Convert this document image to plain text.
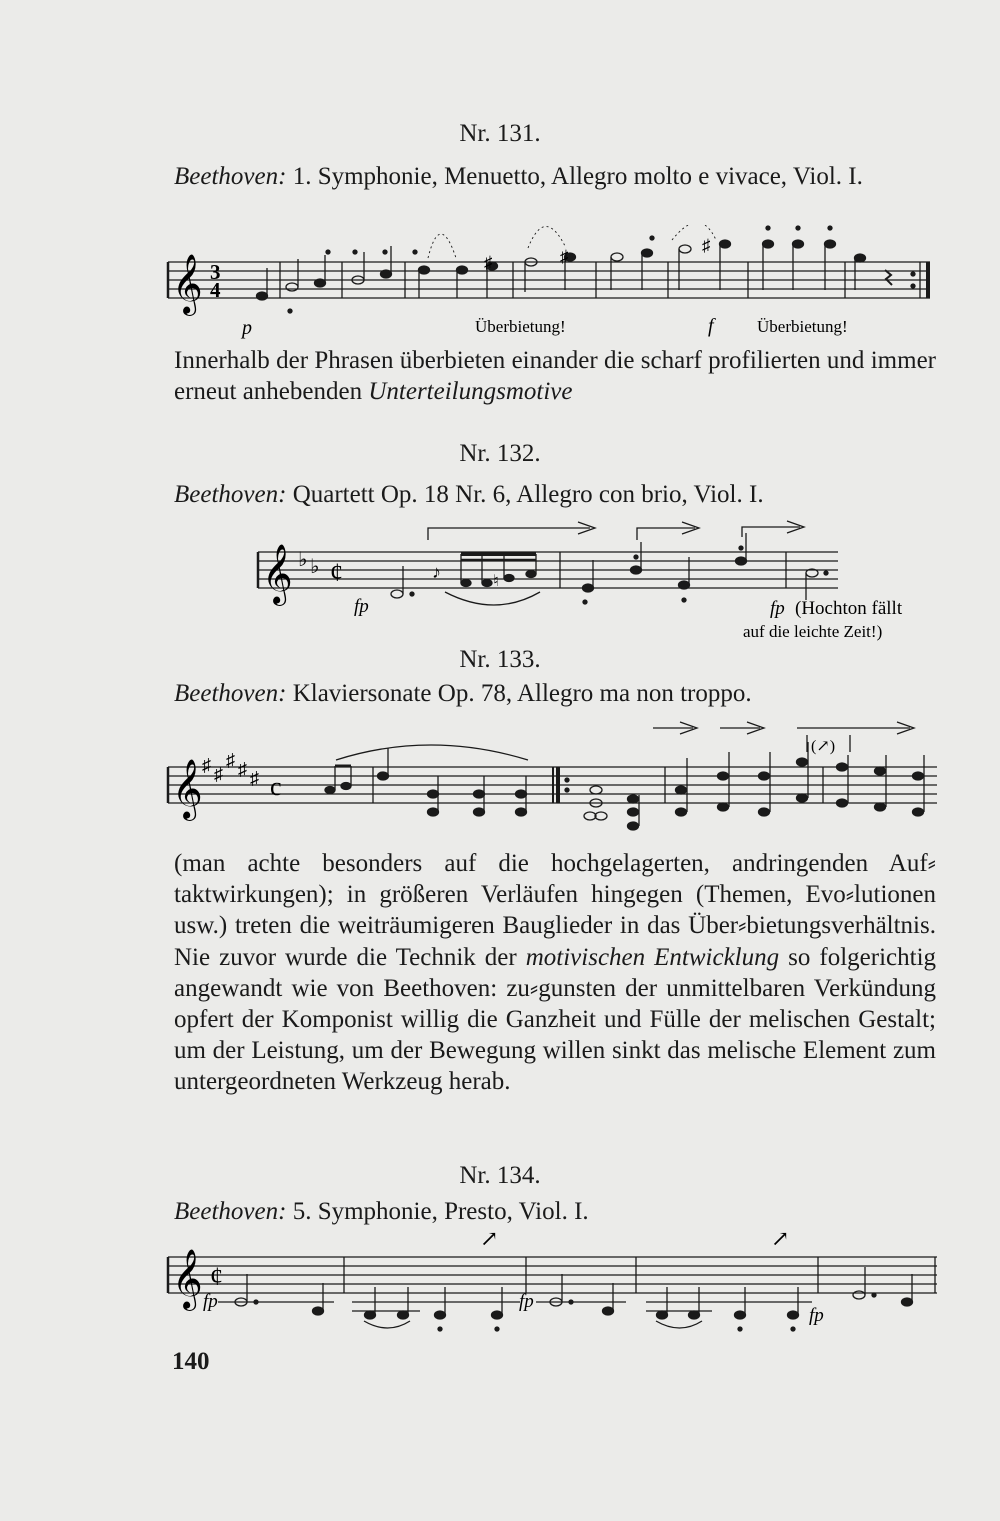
Nr. 131.

Beethoven: 1. Symphonie, Menuetto, Allegro molto e vivace, Viol. I.

𝄞 3
4
♯	♯
♯
p	f
Überbietung!	Überbietung!

Innerhalb der Phrasen überbieten einander die scharf profilierten und immer erneut anhebenden Unterteilungsmotive

Nr. 132.

Beethoven: Quartett Op. 18 Nr. 6, Allegro con brio, Viol. I.

𝄞 ♭ ♭ ¢	♮
♪
fp	fp (Hochton fällt
auf die leichte Zeit!)
Nr. 133.

Beethoven: Klaviersonate Op. 78, Allegro ma non troppo.

𝄞 ♯ ♯
♯ ♯ ♯ c
(↗)

(man achte besonders auf die hochgelagerten, andringenden Auf⸗taktwirkungen); in größeren Verläufen hingegen (Themen, Evo⸗lutionen usw.) treten die weiträumigeren Bauglieder in das Über⸗bietungsverhältnis. Nie zuvor wurde die Technik der motivischen Entwicklung so folgerichtig angewandt wie von Beethoven: zu⸗gunsten der unmittelbaren Verkündung opfert der Komponist willig die Ganzheit und Fülle der melischen Gestalt; um der Leistung, um der Bewegung willen sinkt das melische Element zum untergeordneten Werkzeug herab.

Nr. 134.

Beethoven: 5. Symphonie, Presto, Viol. I.

𝄞 ¢
↗	↗
fp	fp
fp

140
